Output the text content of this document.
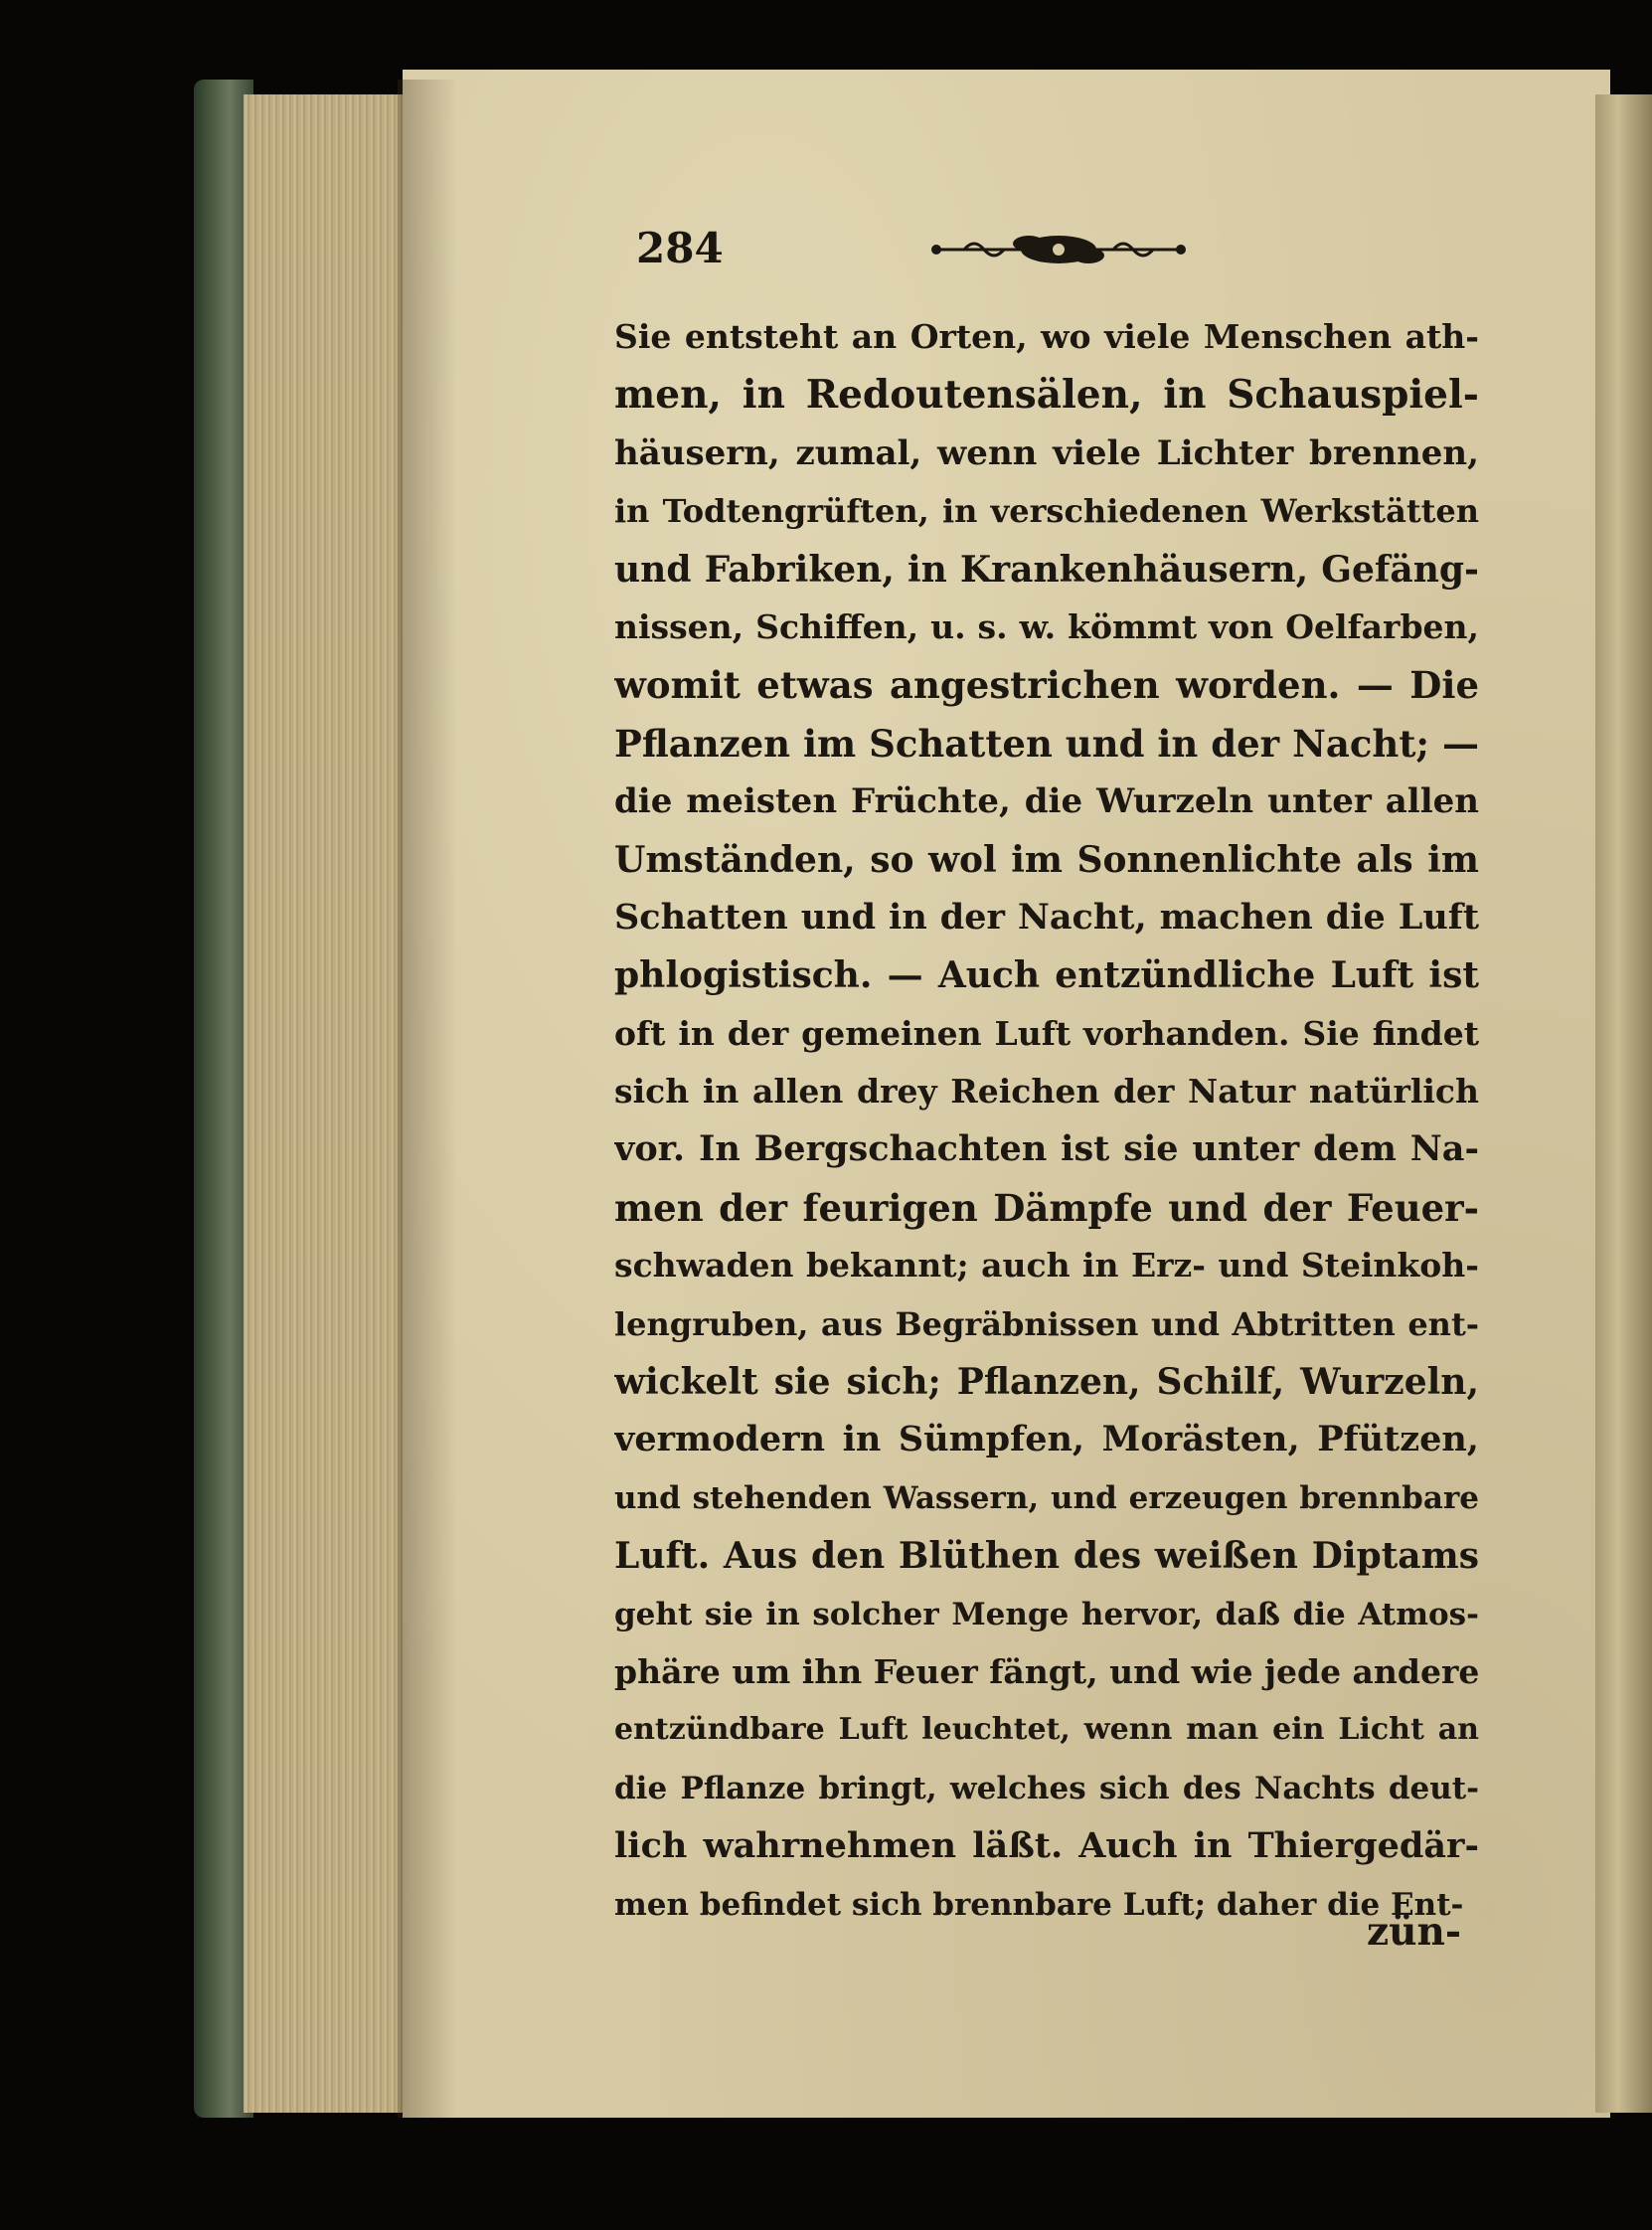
284
Sie entsteht an Orten, wo viele Menschen ath-
men, in Redoutensälen, in Schauspiel-
häusern, zumal, wenn viele Lichter brennen,
in Todtengrüften, in verschiedenen Werkstätten
und Fabriken, in Krankenhäusern, Gefäng-
nissen, Schiffen, u. s. w. kömmt von Oelfarben,
womit etwas angestrichen worden. — Die
Pflanzen im Schatten und in der Nacht; —
die meisten Früchte, die Wurzeln unter allen
Umständen, so wol im Sonnenlichte als im
Schatten und in der Nacht, machen die Luft
phlogistisch. — Auch entzündliche Luft ist
oft in der gemeinen Luft vorhanden. Sie findet
sich in allen drey Reichen der Natur natürlich
vor. In Bergschachten ist sie unter dem Na-
men der feurigen Dämpfe und der Feuer-
schwaden bekannt; auch in Erz- und Steinkoh-
lengruben, aus Begräbnissen und Abtritten ent-
wickelt sie sich; Pflanzen, Schilf, Wurzeln,
vermodern in Sümpfen, Morästen, Pfützen,
und stehenden Wassern, und erzeugen brennbare
Luft. Aus den Blüthen des weißen Diptams
geht sie in solcher Menge hervor, daß die Atmos-
phäre um ihn Feuer fängt, und wie jede andere
entzündbare Luft leuchtet, wenn man ein Licht an
die Pflanze bringt, welches sich des Nachts deut-
lich wahrnehmen läßt. Auch in Thiergedär-
men befindet sich brennbare Luft; daher die Ent-
zün-
